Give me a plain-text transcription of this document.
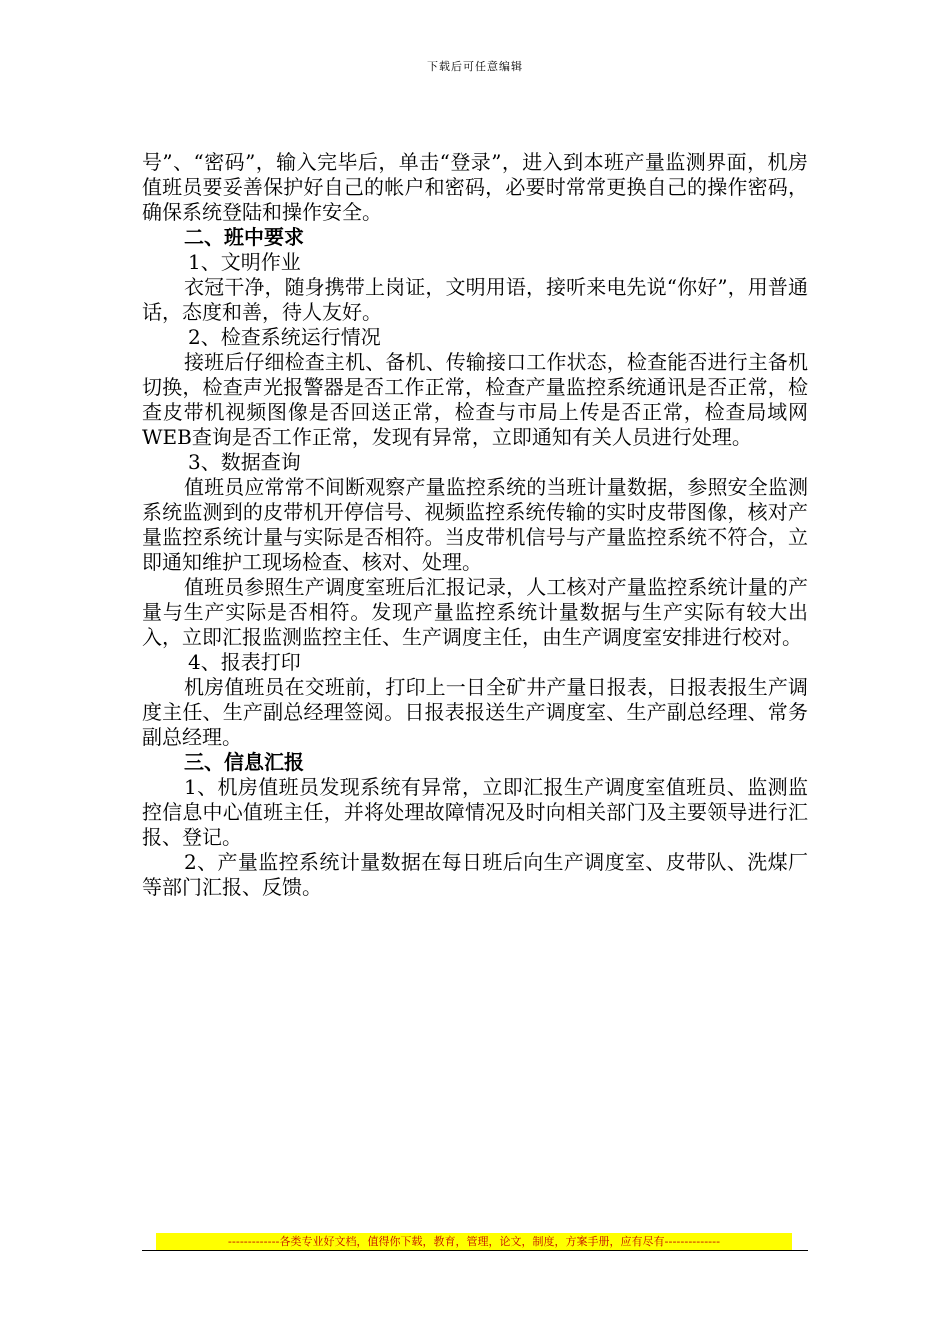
下载后可任意编辑

号”、“密码”，输入完毕后，单击“登录”，进入到本班产量监测界面，机房值班员要妥善保护好自己的帐户和密码，必要时常常更换自己的操作密码，确保系统登陆和操作安全。

二、班中要求

1、文明作业

衣冠干净，随身携带上岗证，文明用语，接听来电先说“你好”，用普通话，态度和善，待人友好。

2、检查系统运行情况

接班后仔细检查主机、备机、传输接口工作状态，检查能否进行主备机切换，检查声光报警器是否工作正常，检查产量监控系统通讯是否正常，检查皮带机视频图像是否回送正常，检查与市局上传是否正常，检查局域网WEB查询是否工作正常，发现有异常，立即通知有关人员进行处理。

3、数据查询

值班员应常常不间断观察产量监控系统的当班计量数据，参照安全监测系统监测到的皮带机开停信号、视频监控系统传输的实时皮带图像，核对产量监控系统计量与实际是否相符。当皮带机信号与产量监控系统不符合，立即通知维护工现场检查、核对、处理。

值班员参照生产调度室班后汇报记录，人工核对产量监控系统计量的产量与生产实际是否相符。发现产量监控系统计量数据与生产实际有较大出入，立即汇报监测监控主任、生产调度主任，由生产调度室安排进行校对。

4、报表打印

机房值班员在交班前，打印上一日全矿井产量日报表，日报表报生产调度主任、生产副总经理签阅。日报表报送生产调度室、生产副总经理、常务副总经理。

三、信息汇报

1、机房值班员发现系统有异常，立即汇报生产调度室值班员、监测监控信息中心值班主任，并将处理故障情况及时向相关部门及主要领导进行汇报、登记。

2、产量监控系统计量数据在每日班后向生产调度室、皮带队、洗煤厂等部门汇报、反馈。

-------------各类专业好文档，值得你下载，教育，管理，论文，制度，方案手册，应有尽有--------------
